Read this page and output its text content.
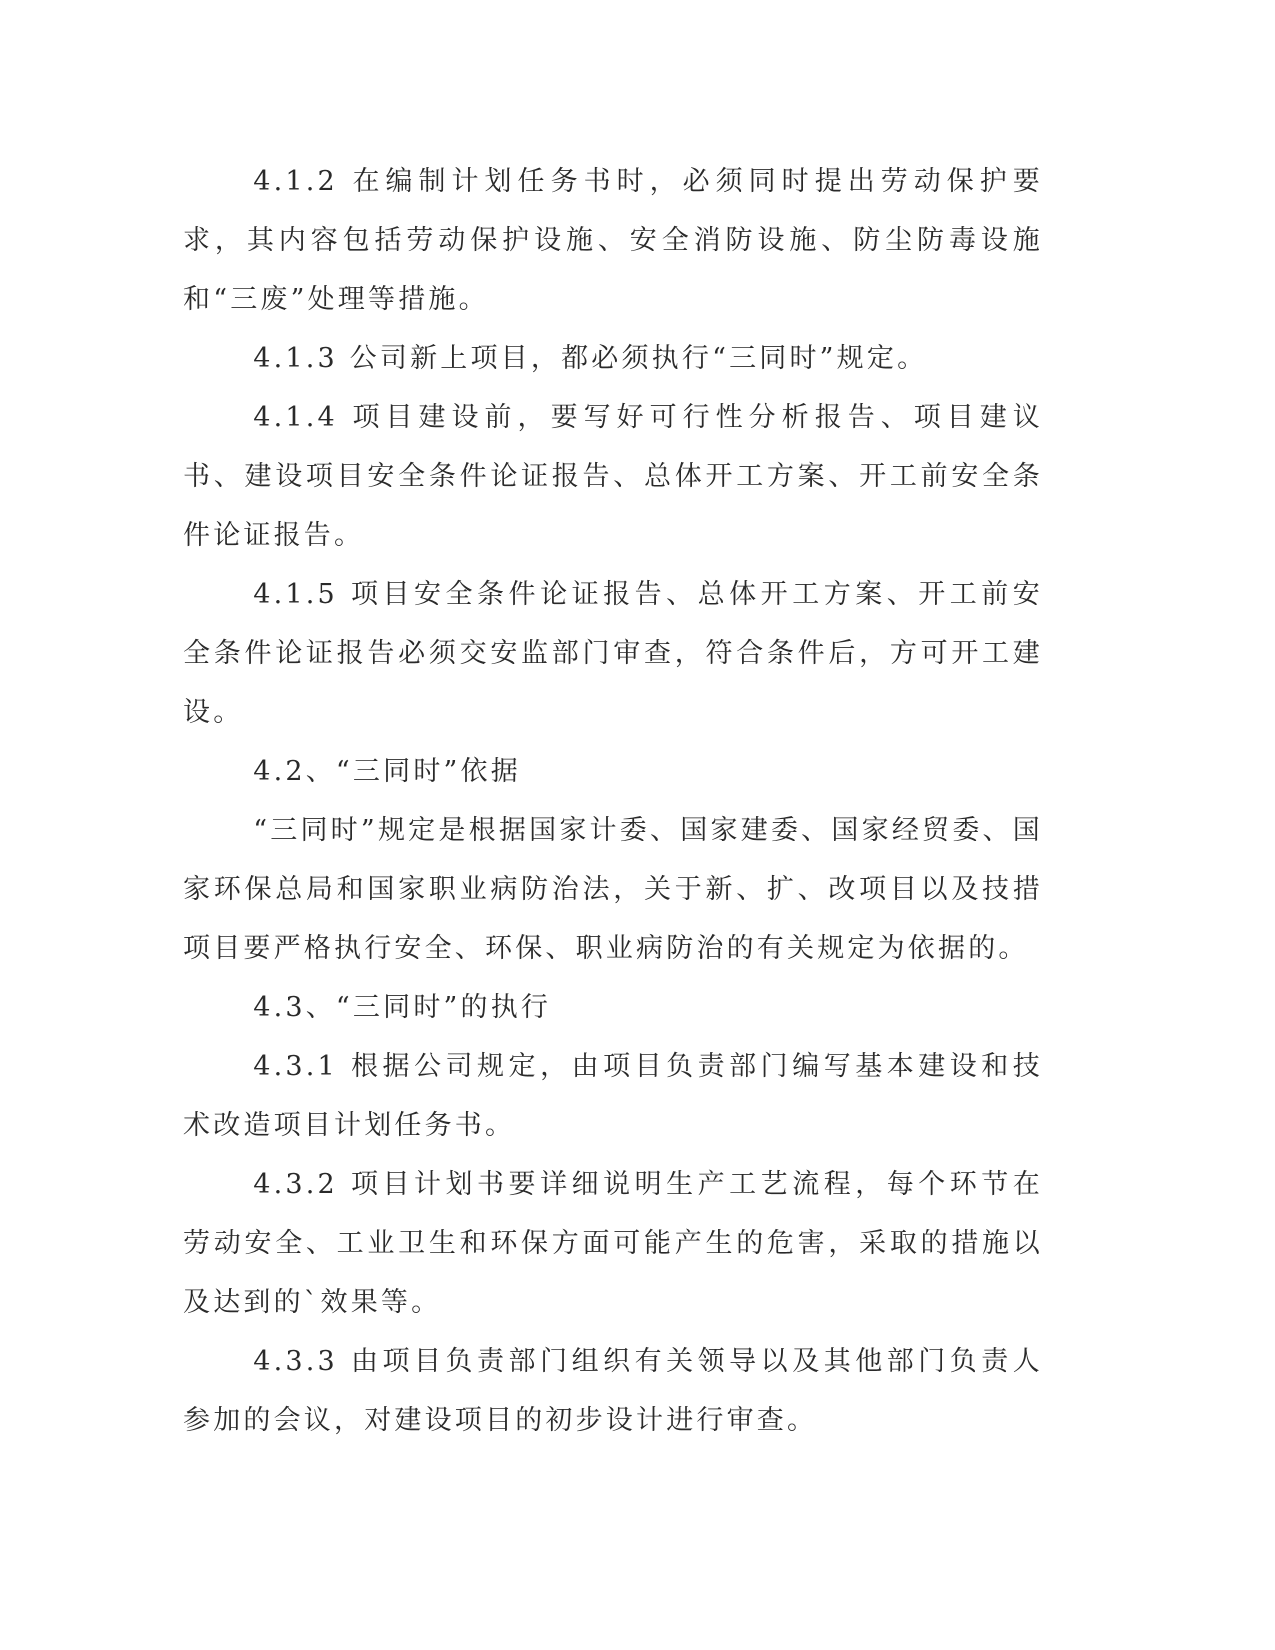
4.1.2 在编制计划任务书时，必须同时提出劳动保护要求，其内容包括劳动保护设施、安全消防设施、防尘防毒设施和“三废”处理等措施。

4.1.3 公司新上项目，都必须执行“三同时”规定。

4.1.4 项目建设前，要写好可行性分析报告、项目建议书、建设项目安全条件论证报告、总体开工方案、开工前安全条件论证报告。

4.1.5 项目安全条件论证报告、总体开工方案、开工前安全条件论证报告必须交安监部门审查，符合条件后，方可开工建设。

4.2、“三同时”依据

“三同时”规定是根据国家计委、国家建委、国家经贸委、国家环保总局和国家职业病防治法，关于新、扩、改项目以及技措项目要严格执行安全、环保、职业病防治的有关规定为依据的。

4.3、“三同时”的执行

4.3.1 根据公司规定，由项目负责部门编写基本建设和技术改造项目计划任务书。

4.3.2 项目计划书要详细说明生产工艺流程，每个环节在劳动安全、工业卫生和环保方面可能产生的危害，采取的措施以及达到的`效果等。

4.3.3 由项目负责部门组织有关领导以及其他部门负责人参加的会议，对建设项目的初步设计进行审查。
